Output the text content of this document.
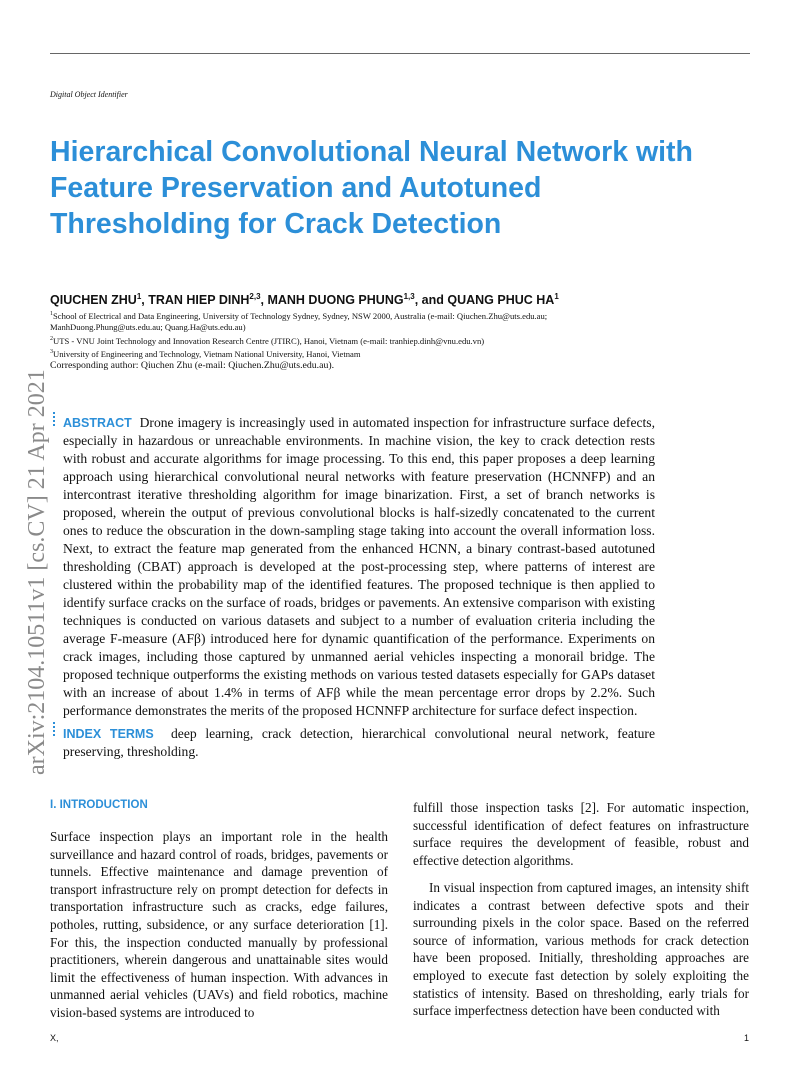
Digital Object Identifier
Hierarchical Convolutional Neural Network with Feature Preservation and Autotuned Thresholding for Crack Detection
QIUCHEN ZHU$^1$, TRAN HIEP DINH$^{2,3}$, MANH DUONG PHUNG$^{1,3}$, and QUANG PHUC $HA^1$
$^1$School of Electrical and Data Engineering, University of Technology Sydney, Sydney, NSW 2000, Australia (e-mail: Qiuchen.Zhu@uts.edu.au; ManhDuong.Phung@uts.edu.au; Quang.Ha@uts.edu.au)
$^2$UTS - VNU Joint Technology and Innovation Research Centre (JTIRC), Hanoi, Vietnam (e-mail: tranhiep.dinh@vnu.edu.vn)
$^3$University of Engineering and Technology, Vietnam National University, Hanoi, Vietnam
Corresponding author: Qiuchen Zhu (e-mail: Qiuchen.Zhu@uts.edu.au).
arXiv:2104.10511v1 [cs.CV] 21 Apr 2021 ABSTRACT Drone imagery is increasingly used in automated inspection for infrastructure surface defects, especially in hazardous or unreachable environments. In machine vision, the key to crack detection rests with robust and accurate algorithms for image processing. To this end, this paper proposes a deep learning approach using hierarchical convolutional neural networks with feature preservation (HCNNFP) and an intercontrast iterative thresholding algorithm for image binarization. First, a set of branch networks is proposed, wherein the output of previous convolutional blocks is half-sizedly concatenated to the current ones to reduce the obscuration in the down-sampling stage taking into account the overall information loss. Next, to extract the feature map generated from the enhanced HCNN, a binary contrast-based autotuned thresholding (CBAT) approach is developed at the post-processing step, where patterns of interest are clustered within the probability map of the identified features. The proposed technique is then applied to identify surface cracks on the surface of roads, bridges or pavements. An extensive comparison with existing techniques is conducted on various datasets and subject to a number of evaluation criteria including the average F-measure (AFβ) introduced here for dynamic quantification of the performance. Experiments on crack images, including those captured by unmanned aerial vehicles inspecting a monorail bridge. The proposed technique outperforms the existing methods on various tested datasets especially for GAPs dataset with an increase of about 1.4% in terms of AFβ while the mean percentage error drops by 2.2%. Such performance demonstrates the merits of the proposed HCNNFP architecture for surface defect inspection.

INDEX TERMS deep learning, crack detection, hierarchical convolutional neural network, feature preserving, thresholding.

I. INTRODUCTION

Surface inspection plays an important role in the health surveillance and hazard control of roads, bridges, pavements or tunnels. Effective maintenance and damage prevention of transport infrastructure rely on prompt detection for defects in transportation infrastructure such as cracks, edge failures, potholes, rutting, subsidence, or any surface deterioration [1]. For this, the inspection conducted manually by professional practitioners, wherein dangerous and unattainable sites would limit the effectiveness of human inspection. With advances in unmanned aerial vehicles (UAVs) and field robotics, machine vision-based systems are introduced to

fulfill those inspection tasks [2]. For automatic inspection, successful identification of defect features on infrastructure surface requires the development of feasible, robust and effective detection algorithms.

In visual inspection from captured images, an intensity shift indicates a contrast between defective spots and their surrounding pixels in the color space. Based on the referred source of information, various methods for crack detection have been proposed. Initially, thresholding approaches are employed to execute fast detection by solely exploiting the statistics of intensity. Based on thresholding, early trials for surface imperfectness detection have been conducted with

X,	1
